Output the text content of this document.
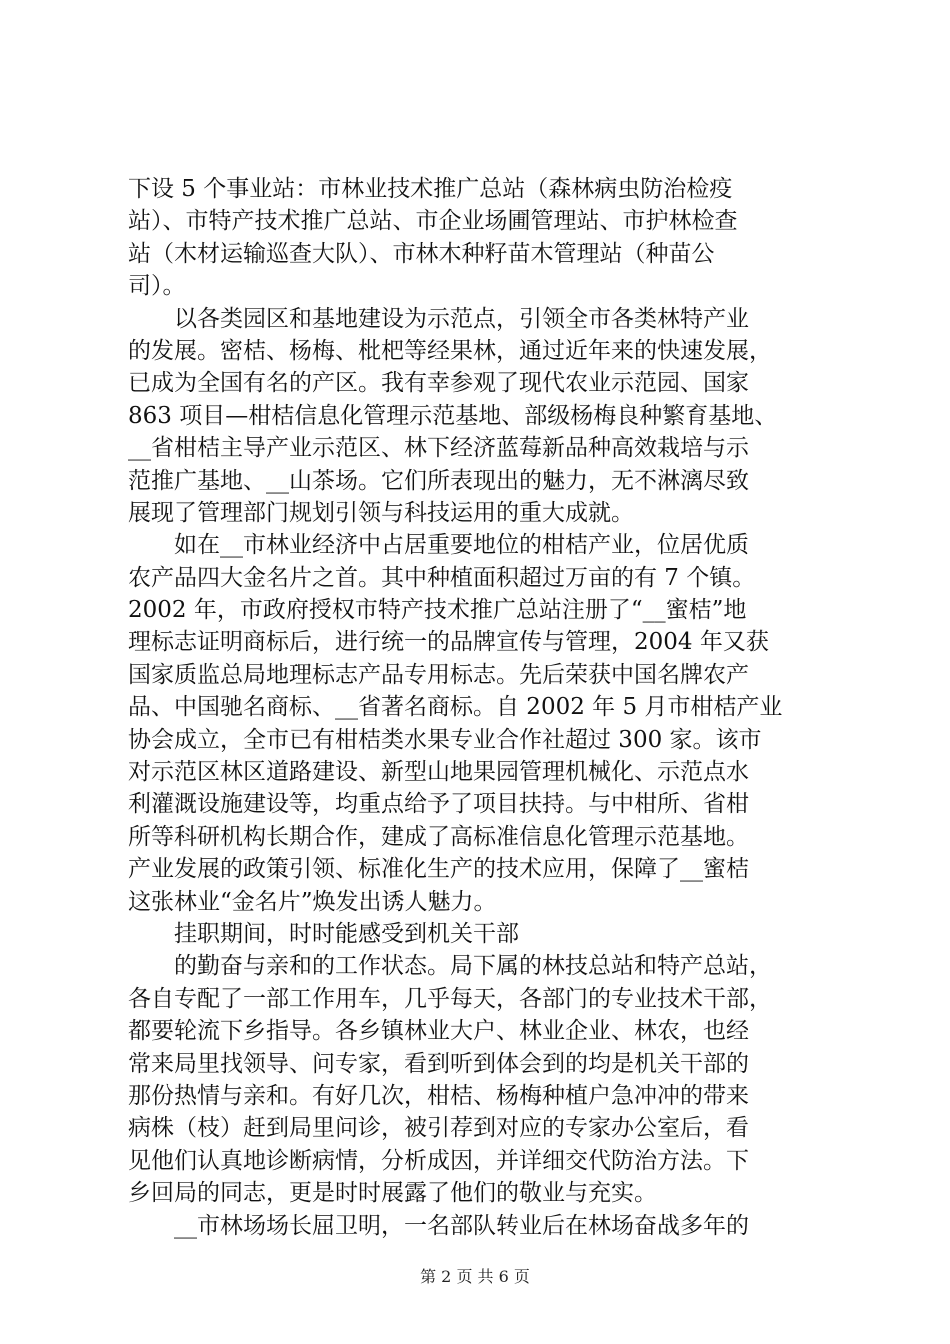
下设 5 个事业站：市林业技术推广总站（森林病虫防治检疫
站）、市特产技术推广总站、市企业场圃管理站、市护林检查
站（木材运输巡查大队）、市林木种籽苗木管理站（种苗公
司）。
以各类园区和基地建设为示范点，引领全市各类林特产业
的发展。密桔、杨梅、枇杷等经果林，通过近年来的快速发展，
已成为全国有名的产区。我有幸参观了现代农业示范园、国家
863 项目—柑桔信息化管理示范基地、部级杨梅良种繁育基地、
__省柑桔主导产业示范区、林下经济蓝莓新品种高效栽培与示
范推广基地、__山茶场。它们所表现出的魅力，无不淋漓尽致
展现了管理部门规划引领与科技运用的重大成就。
如在__市林业经济中占居重要地位的柑桔产业，位居优质
农产品四大金名片之首。其中种植面积超过万亩的有 7 个镇。
2002 年，市政府授权市特产技术推广总站注册了“__蜜桔”地
理标志证明商标后，进行统一的品牌宣传与管理，2004 年又获
国家质监总局地理标志产品专用标志。先后荣获中国名牌农产
品、中国驰名商标、__省著名商标。自 2002 年 5 月市柑桔产业
协会成立，全市已有柑桔类水果专业合作社超过 300 家。该市
对示范区林区道路建设、新型山地果园管理机械化、示范点水
利灌溉设施建设等，均重点给予了项目扶持。与中柑所、省柑
所等科研机构长期合作，建成了高标准信息化管理示范基地。
产业发展的政策引领、标准化生产的技术应用，保障了__蜜桔
这张林业“金名片”焕发出诱人魅力。
挂职期间，时时能感受到机关干部
的勤奋与亲和的工作状态。局下属的林技总站和特产总站，
各自专配了一部工作用车，几乎每天，各部门的专业技术干部，
都要轮流下乡指导。各乡镇林业大户、林业企业、林农，也经
常来局里找领导、问专家，看到听到体会到的均是机关干部的
那份热情与亲和。有好几次，柑桔、杨梅种植户急冲冲的带来
病株（枝）赶到局里问诊，被引荐到对应的专家办公室后，看
见他们认真地诊断病情，分析成因，并详细交代防治方法。下
乡回局的同志，更是时时展露了他们的敬业与充实。
__市林场场长屈卫明，一名部队转业后在林场奋战多年的
第 2 页 共 6 页
